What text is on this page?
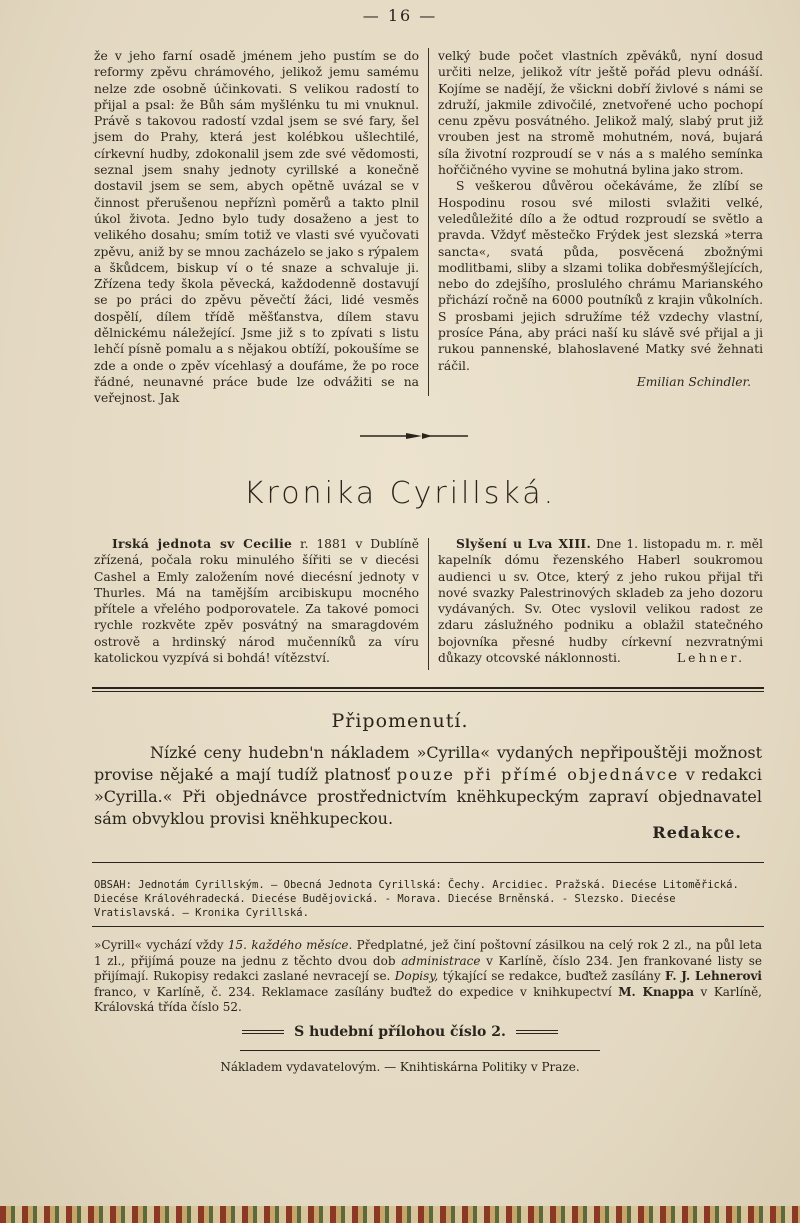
— 16 —

že v jeho farní osadě jménem jeho pustím se do reformy zpěvu chrámového, jelikož jemu samému nelze zde osobně účinkovati. S velikou radostí to přijal a psal: že Bůh sám myšlénku tu mi vnuknul. Právě s takovou radostí vzdal jsem se své fary, šel jsem do Prahy, která jest kolébkou ušlechtilé, církevní hudby, zdokonalil jsem zde své vědomosti, seznal jsem snahy jednoty cyrillské a konečně dostavil jsem se sem, abych opětně uvázal se v činnost přerušenou nepříznì poměrů a takto plnil úkol života. Jedno bylo tudy dosaženo a jest to velikého dosahu; smím totiž ve vlasti své vyučovati zpěvu, aniž by se mnou zacházelo se jako s rýpalem a škůdcem, biskup ví o té snaze a schvaluje ji. Zřízena tedy škola pěvecká, každodenně dostavují se po práci do zpěvu pěvečtí žáci, lidé vesměs dospělí, dílem třídě měšťanstva, dílem stavu dělnickému náležející. Jsme již s to zpívati s listu lehčí písně pomalu a s nějakou obtíží, pokoušíme se zde a onde o zpěv vícehlasý a doufáme, že po roce řádné, neunavné práce bude lze odvážiti se na veřejnost. Jak

velký bude počet vlastních zpěváků, nyní dosud určiti nelze, jelikož vítr ještě pořád plevu odnáší. Kojíme se nadějí, že všickni dobří živlové s námi se združí, jakmile zdivočilé, znetvořené ucho pochopí cenu zpěvu posvátného. Jelikož malý, slabý prut již vrouben jest na stromě mohutném, nová, bujará síla životní rozproudí se v nás a s malého semínka hořčičného vyvine se mohutná bylina jako strom.

S veškerou důvěrou očekáváme, že zlíbí se Hospodinu rosou své milosti svlažiti velké, veledůležité dílo a že odtud rozproudí se světlo a pravda. Vždyť městečko Frýdek jest slezská »terra sancta«, svatá půda, posvěcená zbožnými modlitbami, sliby a slzami tolika dobřesmýšlejících, nebo do zdejšího, proslulého chrámu Marianského přichází ročně na 6000 poutníků z krajin vůkolních. S prosbami jejich sdružíme též vzdechy vlastní, prosíce Pána, aby práci naší ku slávě své přijal a ji rukou pannenské, blahoslavené Matky své žehnati ráčil.

Emilian Schindler.

Kronika Cyrillská.

Irská jednota sv Cecilie r. 1881 v Dublíně zřízená, počala roku minulého šířiti se v diecési Cashel a Emly založením nové diecésní jednoty v Thurles. Má na tamějším arcibiskupu mocného přítele a vřelého podporovatele. Za takové pomoci rychle rozkvěte zpěv posvátný na smaragdovém ostrově a hrdinský národ mučenníků za víru katolickou vyzpívá si bohdá! vítězství.

Slyšení u Lva XIII. Dne 1. listopadu m. r. měl kapelník dómu řezenského Haberl soukromou audienci u sv. Otce, který z jeho rukou přijal tři nové svazky Palestrinových skladeb za jeho dozoru vydávaných. Sv. Otec vyslovil velikou radost ze zdaru záslužného podniku a oblažil statečného bojovníka přesné hudby církevní nezvratnými důkazy otcovské náklonnosti.	Lehner.

Připomenutí.

Nízké ceny hudebn'n nákladem »Cyrilla« vydaných nepřipouštěji možnost provise nějaké a mají tudíž platnosť pouze při přímé objednávce v redakci »Cyrilla.« Při objednávce prostřednictvím knëhkupeckým zapraví objednavatel sám obvyklou provisi knëhkupeckou.

Redakce.
OBSAH: Jednotám Cyrillským. — Obecná Jednota Cyrillská: Čechy. Arcidiec. Pražská. Diecése Litoměřická. Diecése Královéhradecká. Diecése Budějovická. - Morava. Diecése Brněnská. - Slezsko. Diecése Vratislavská. — Kronika Cyrillská.

»Cyrill« vychází vždy 15. každého měsíce. Předplatné, jež činí poštovní zásilkou na celý rok 2 zl., na půl leta 1 zl., přijímá pouze na jednu z těchto dvou dob administrace v Karlíně, číslo 234. Jen frankované listy se přijímají. Rukopisy redakci zaslané nevracejí se. Dopisy, týkající se redakce, buďtež zasílány F. J. Lehnerovi franco, v Karlíně, č. 234. Reklamace zasílány buďtež do expedice v knihkupectví M. Knappa v Karlíně, Královská třída číslo 52.

S hudební přílohou číslo 2.
Nákladem vydavatelovým. — Knihtiskárna Politiky v Praze.
